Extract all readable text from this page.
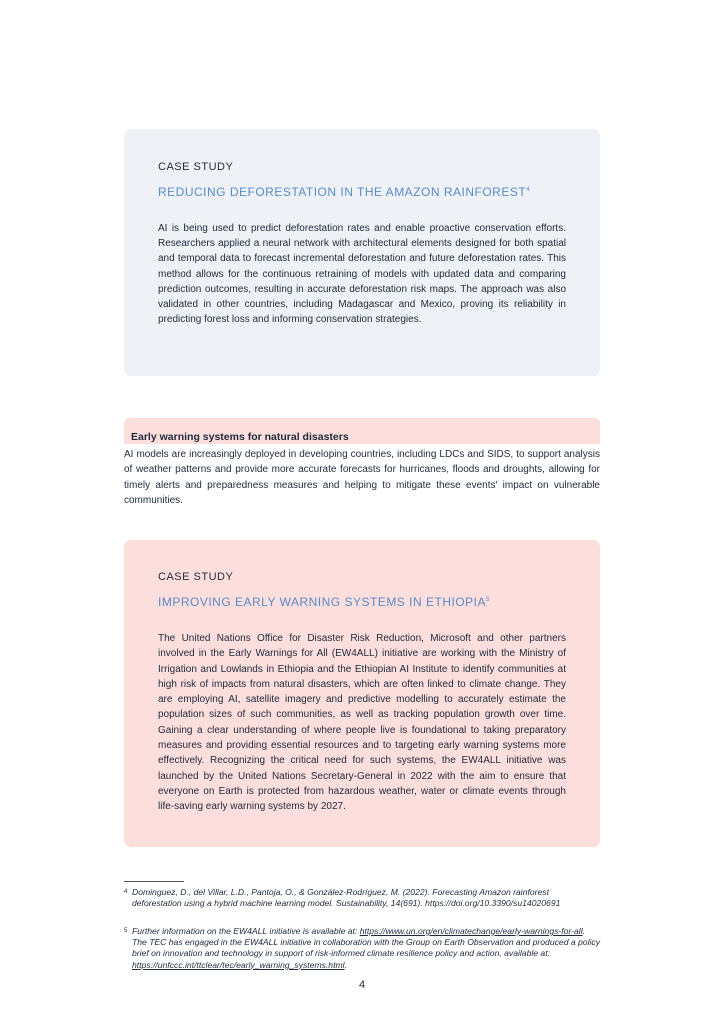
CASE STUDY

REDUCING DEFORESTATION IN THE AMAZON RAINFOREST$^4$

AI is being used to predict deforestation rates and enable proactive conservation efforts. Researchers applied a neural network with architectural elements designed for both spatial and temporal data to forecast incremental deforestation and future deforestation rates. This method allows for the continuous retraining of models with updated data and comparing prediction outcomes, resulting in accurate deforestation risk maps. The approach was also validated in other countries, including Madagascar and Mexico, proving its reliability in predicting forest loss and informing conservation strategies.

Early warning systems for natural disasters

AI models are increasingly deployed in developing countries, including LDCs and SIDS, to support analysis of weather patterns and provide more accurate forecasts for hurricanes, floods and droughts, allowing for timely alerts and preparedness measures and helping to mitigate these events' impact on vulnerable communities.

CASE STUDY

IMPROVING EARLY WARNING SYSTEMS IN ETHIOPIA$^5$

The United Nations Office for Disaster Risk Reduction, Microsoft and other partners involved in the Early Warnings for All (EW4ALL) initiative are working with the Ministry of Irrigation and Lowlands in Ethiopia and the Ethiopian AI Institute to identify communities at high risk of impacts from natural disasters, which are often linked to climate change. They are employing AI, satellite imagery and predictive modelling to accurately estimate the population sizes of such communities, as well as tracking population growth over time. Gaining a clear understanding of where people live is foundational to taking preparatory measures and providing essential resources and to targeting early warning systems more effectively. Recognizing the critical need for such systems, the EW4ALL initiative was launched by the United Nations Secretary-General in 2022 with the aim to ensure that everyone on Earth is protected from hazardous weather, water or climate events through life-saving early warning systems by 2027.

4 Dominguez, D., del Villar, L.D., Pantoja, O., & González-Rodríguez, M. (2022). Forecasting Amazon rainforest deforestation using a hybrid machine learning model. Sustainability, 14(691). https://doi.org/10.3390/su14020691

5 Further information on the EW4ALL initiative is available at: https://www.un.org/en/climatechange/early-warnings-for-all. The TEC has engaged in the EW4ALL initiative in collaboration with the Group on Earth Observation and produced a policy brief on innovation and technology in support of risk-informed climate resilience policy and action, available at: https://unfccc.int/ttclear/tec/early_warning_systems.html.

4
